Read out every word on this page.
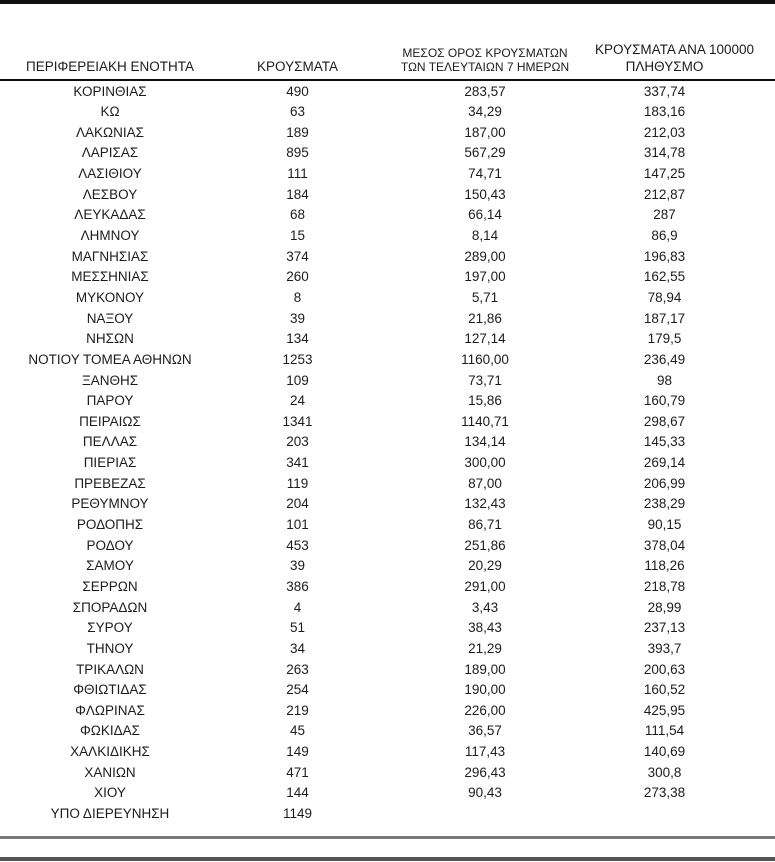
ΠΕΡΙΦΕΡΕΙΑΚΗ ΕΝΟΤΗΤΑ	ΚΡΟΥΣΜΑΤΑ	ΜΕΣΟΣ ΟΡΟΣ ΚΡΟΥΣΜΑΤΩΝ
ΤΩΝ ΤΕΛΕΥΤΑΙΩΝ 7 ΗΜΕΡΩΝ	ΚΡΟΥΣΜΑΤΑ ΑΝΑ 100000
ΠΛΗΘΥΣΜΟ	
ΚΟΡΙΝΘΙΑΣ	490	283,57	337,74	
ΚΩ	63	34,29	183,16	
ΛΑΚΩΝΙΑΣ	189	187,00	212,03	
ΛΑΡΙΣΑΣ	895	567,29	314,78	
ΛΑΣΙΘΙΟΥ	111	74,71	147,25	
ΛΕΣΒΟΥ	184	150,43	212,87	
ΛΕΥΚΑΔΑΣ	68	66,14	287	
ΛΗΜΝΟΥ	15	8,14	86,9	
ΜΑΓΝΗΣΙΑΣ	374	289,00	196,83	
ΜΕΣΣΗΝΙΑΣ	260	197,00	162,55	
ΜΥΚΟΝΟΥ	8	5,71	78,94	
ΝΑΞΟΥ	39	21,86	187,17	
ΝΗΣΩΝ	134	127,14	179,5	
ΝΟΤΙΟΥ ΤΟΜΕΑ ΑΘΗΝΩΝ	1253	1160,00	236,49	
ΞΑΝΘΗΣ	109	73,71	98	
ΠΑΡΟΥ	24	15,86	160,79	
ΠΕΙΡΑΙΩΣ	1341	1140,71	298,67	
ΠΕΛΛΑΣ	203	134,14	145,33	
ΠΙΕΡΙΑΣ	341	300,00	269,14	
ΠΡΕΒΕΖΑΣ	119	87,00	206,99	
ΡΕΘΥΜΝΟΥ	204	132,43	238,29	
ΡΟΔΟΠΗΣ	101	86,71	90,15	
ΡΟΔΟΥ	453	251,86	378,04	
ΣΑΜΟΥ	39	20,29	118,26	
ΣΕΡΡΩΝ	386	291,00	218,78	
ΣΠΟΡΑΔΩΝ	4	3,43	28,99	
ΣΥΡΟΥ	51	38,43	237,13	
ΤΗΝΟΥ	34	21,29	393,7	
ΤΡΙΚΑΛΩΝ	263	189,00	200,63	
ΦΘΙΩΤΙΔΑΣ	254	190,00	160,52	
ΦΛΩΡΙΝΑΣ	219	226,00	425,95	
ΦΩΚΙΔΑΣ	45	36,57	111,54	
ΧΑΛΚΙΔΙΚΗΣ	149	117,43	140,69	
ΧΑΝΙΩΝ	471	296,43	300,8	
ΧΙΟΥ	144	90,43	273,38	
ΥΠΟ ΔΙΕΡΕΥΝΗΣΗ	1149			
